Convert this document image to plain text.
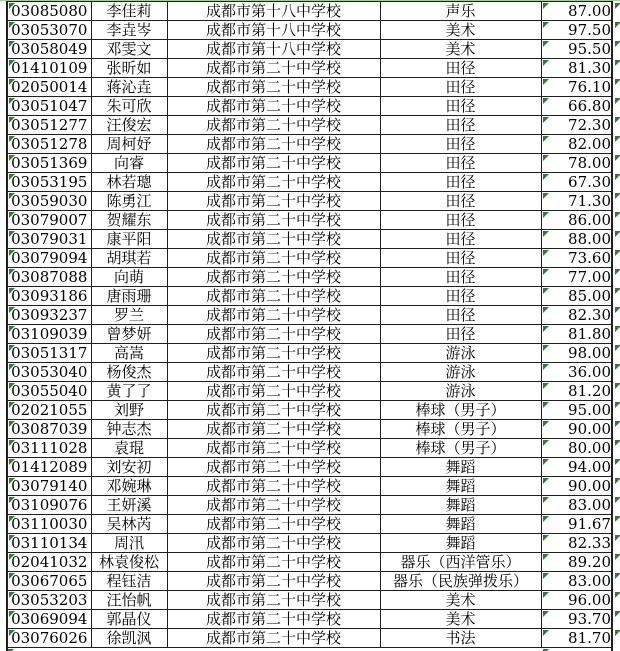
03085080	李佳莉	成都市第十八中学校	声乐	87.00

03053070	李垚岑	成都市第十八中学校	美术	97.50

03058049	邓雯文	成都市第十八中学校	美术	95.50

01410109	张昕如	成都市第二十中学校	田径	81.30

02050014	蒋沁垚	成都市第二十中学校	田径	76.10

03051047	朱可欣	成都市第二十中学校	田径	66.80

03051277	汪俊宏	成都市第二十中学校	田径	72.30

03051278	周柯妤	成都市第二十中学校	田径	82.00

03051369	向睿	成都市第二十中学校	田径	78.00

03053195	林若璁	成都市第二十中学校	田径	67.30

03059030	陈勇江	成都市第二十中学校	田径	71.30

03079007	贺耀东	成都市第二十中学校	田径	86.00

03079031	康平阳	成都市第二十中学校	田径	88.00

03079094	胡琪若	成都市第二十中学校	田径	73.60

03087088	向萌	成都市第二十中学校	田径	77.00

03093186	唐雨珊	成都市第二十中学校	田径	85.00

03093237	罗兰	成都市第二十中学校	田径	82.30

03109039	曾梦妍	成都市第二十中学校	田径	81.80

03051317	高嵩	成都市第二十中学校	游泳	98.00

03053040	杨俊杰	成都市第二十中学校	游泳	36.00

03055040	黄了了	成都市第二十中学校	游泳	81.20

02021055	刘野	成都市第二十中学校	棒球（男子）	95.00

03087039	钟志杰	成都市第二十中学校	棒球（男子）	90.00

03111028	袁琨	成都市第二十中学校	棒球（男子）	80.00

01412089	刘安初	成都市第二十中学校	舞蹈	94.00

03079140	邓婉琳	成都市第二十中学校	舞蹈	90.00

03109076	王妍溪	成都市第二十中学校	舞蹈	83.00

03110030	吴林芮	成都市第二十中学校	舞蹈	91.67

03110134	周汛	成都市第二十中学校	舞蹈	82.33

02041032	林袁俊松	成都市第二十中学校	器乐（西洋管乐）	89.20

03067065	程钰洁	成都市第二十中学校	器乐（民族弹拨乐）	83.00

03053203	汪怡帆	成都市第二十中学校	美术	96.00

03069094	郭晶仪	成都市第二十中学校	美术	93.70

03076026	徐凯沨	成都市第二十中学校	书法	81.70
